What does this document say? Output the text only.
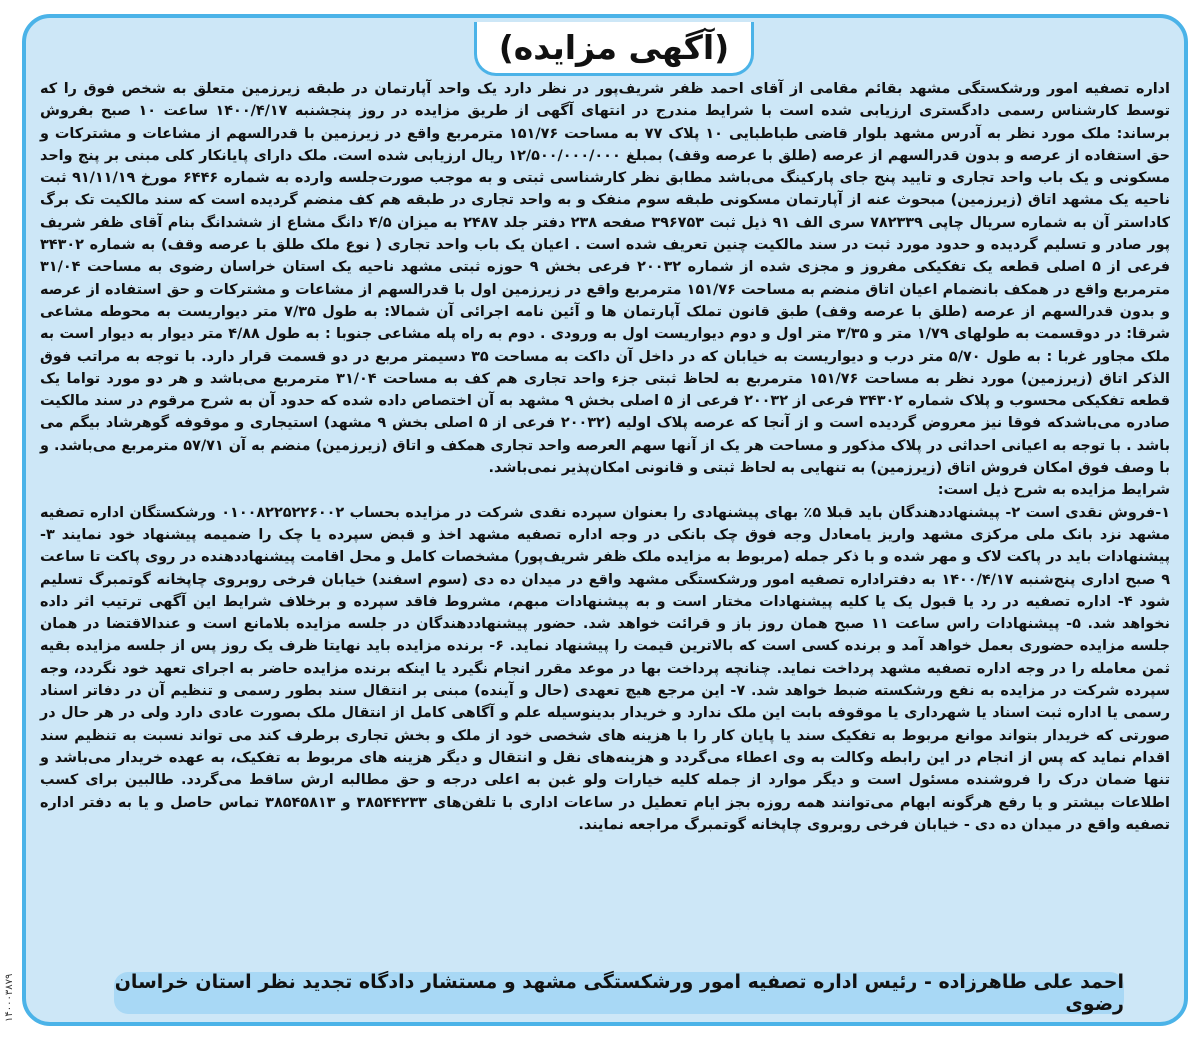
(آگهی مزایده)

اداره تصفیه امور ورشکستگی مشهد بقائم مقامی از آقای احمد ظفر شریف‌پور در نظر دارد یک واحد آپارتمان در طبقه زیرزمین متعلق به شخص فوق را که توسط کارشناس رسمی دادگستری ارزیابی شده است با شرایط مندرج در انتهای آگهی از طریق مزایده در روز پنجشنبه ۱۴۰۰/۴/۱۷ ساعت ۱۰ صبح بفروش برساند: ملک مورد نظر به آدرس مشهد بلوار قاضی طباطبایی ۱۰ پلاک ۷۷ به مساحت ۱۵۱/۷۶ مترمربع واقع در زیرزمین با قدرالسهم از مشاعات و مشترکات و حق استفاده از عرصه و بدون قدرالسهم از عرصه (طلق با عرصه وقف) بمبلغ ۱۲/۵۰۰/۰۰۰/۰۰۰ ریال ارزیابی شده است. ملک دارای پایانکار کلی مبنی بر پنج واحد مسکونی و یک باب واحد تجاری و تایید پنج جای پارکینگ می‌باشد مطابق نظر کارشناسی ثبتی و به موجب صورت‌جلسه وارده به شماره ۶۴۴۶ مورخ ۹۱/۱۱/۱۹ ثبت ناحیه یک مشهد اتاق (زیرزمین) مبحوث عنه از آپارتمان مسکونی طبقه سوم منفک و به واحد تجاری در طبقه هم کف منضم گردیده است که سند مالکیت تک برگ کاداستر آن به شماره سریال چاپی ۷۸۲۳۳۹ سری الف ۹۱ ذیل ثبت ۳۹۶۷۵۳ صفحه ۲۳۸ دفتر جلد ۲۴۸۷ به میزان ۴/۵ دانگ مشاع از ششدانگ بنام آقای ظفر شریف پور صادر و تسلیم گردیده و حدود مورد ثبت در سند مالکیت چنین تعریف شده است . اعیان یک باب واحد تجاری ( نوع ملک طلق با عرصه وقف) به شماره ۳۴۳۰۲ فرعی از ۵ اصلی قطعه یک تفکیکی مفروز و مجزی شده از شماره ۲۰۰۳۲ فرعی بخش ۹ حوزه ثبتی مشهد ناحیه یک استان خراسان رضوی به مساحت ۳۱/۰۴ مترمربع واقع در همکف بانضمام اعیان اتاق منضم به مساحت ۱۵۱/۷۶ مترمربع واقع در زیرزمین اول با قدرالسهم از مشاعات و مشترکات و حق استفاده از عرصه و بدون قدرالسهم از عرصه (طلق با عرصه وقف) طبق قانون تملک آپارتمان ها و آئین نامه اجرائی آن شمالا: به طول ۷/۳۵ متر دیواریست به محوطه مشاعی شرقا: در دوقسمت به طولهای ۱/۷۹ متر و ۳/۳۵ متر اول و دوم دیواریست اول به ورودی . دوم به راه پله مشاعی جنوبا : به طول ۴/۸۸ متر دیوار به دیوار است به ملک مجاور غربا : به طول ۵/۷۰ متر درب و دیواریست به خیابان که در داخل آن داکت به مساحت ۳۵ دسیمتر مربع در دو قسمت قرار دارد. با توجه به مراتب فوق الذکر اتاق (زیرزمین) مورد نظر به مساحت ۱۵۱/۷۶ مترمربع به لحاظ ثبتی جزء واحد تجاری هم کف به مساحت ۳۱/۰۴ مترمربع می‌باشد و هر دو مورد تواما یک قطعه تفکیکی محسوب و پلاک شماره ۳۴۳۰۲ فرعی از ۲۰۰۳۲ فرعی از ۵ اصلی بخش ۹ مشهد به آن اختصاص داده شده که حدود آن به شرح مرقوم در سند مالکیت صادره می‌باشدکه فوقا نیز معروض گردیده است و از آنجا که عرصه پلاک اولیه (۲۰۰۳۲ فرعی از ۵ اصلی بخش ۹ مشهد) استیجاری و موقوفه گوهرشاد بیگم می باشد . با توجه به اعیانی احداثی در پلاک مذکور و مساحت هر یک از آنها سهم العرصه واحد تجاری همکف و اتاق (زیرزمین) منضم به آن ۵۷/۷۱ مترمربع می‌باشد. و با وصف فوق امکان فروش اتاق (زیرزمین) به تنهایی به لحاظ ثبتی و قانونی امکان‌پذیر نمی‌باشد.

شرایط مزایده به شرح ذیل است:

۱-فروش نقدی است ۲- پیشنهاددهندگان باید قبلا ۵٪ بهای پیشنهادی را بعنوان سپرده نقدی شرکت در مزایده بحساب ۰۱۰۰۸۲۲۵۲۲۶۰۰۲ ورشکستگان اداره تصفیه مشهد نزد بانک ملی مرکزی مشهد واریز یامعادل وجه فوق چک بانکی در وجه اداره تصفیه مشهد اخذ و قبض سپرده یا چک را ضمیمه پیشنهاد خود نمایند ۳- پیشنهادات باید در پاکت لاک و مهر شده و با ذکر جمله (مربوط به مزایده ملک ظفر شریف‌پور) مشخصات کامل و محل اقامت پیشنهاددهنده در روی پاکت تا ساعت ۹ صبح اداری پنج‌شنبه ۱۴۰۰/۴/۱۷ به دفتراداره تصفیه امور ورشکستگی مشهد واقع در میدان ده دی (سوم اسفند) خیابان فرخی روبروی چاپخانه گوتمبرگ تسلیم شود ۴- اداره تصفیه در رد یا قبول یک یا کلیه پیشنهادات مختار است و به پیشنهادات مبهم، مشروط فاقد سپرده و برخلاف شرایط این آگهی ترتیب اثر داده نخواهد شد. ۵- پیشنهادات راس ساعت ۱۱ صبح همان روز باز و قرائت خواهد شد. حضور پیشنهاددهندگان در جلسه مزایده بلامانع است و عندالاقتضا در همان جلسه مزایده حضوری بعمل خواهد آمد و برنده کسی است که بالاترین قیمت را پیشنهاد نماید. ۶- برنده مزایده باید نهایتا ظرف یک روز پس از جلسه مزایده بقیه ثمن معامله را در وجه اداره تصفیه مشهد پرداخت نماید. چنانچه پرداخت بها در موعد مقرر انجام نگیرد یا اینکه برنده مزایده حاضر به اجرای تعهد خود نگردد، وجه سپرده شرکت در مزایده به نفع ورشکسته ضبط خواهد شد. ۷- این مرجع هیچ تعهدی (حال و آینده) مبنی بر انتقال سند بطور رسمی و تنظیم آن در دفاتر اسناد رسمی یا اداره ثبت اسناد یا شهرداری یا موقوفه بابت این ملک ندارد و خریدار بدینوسیله علم و آگاهی کامل از انتقال ملک بصورت عادی دارد ولی در هر حال در صورتی که خریدار بتواند موانع مربوط به تفکیک سند یا پایان کار را با هزینه های شخصی خود از ملک و بخش تجاری برطرف کند می تواند نسبت به تنظیم سند اقدام نماید که پس از انجام در این رابطه وکالت به وی اعطاء می‌گردد و هزینه‌های نقل و انتقال و دیگر هزینه های مربوط به تفکیک، به عهده خریدار می‌باشد و تنها ضمان درک را فروشنده مسئول است و دیگر موارد از جمله کلیه خیارات ولو غبن به اعلی درجه و حق مطالبه ارش ساقط می‌گردد. طالبین برای کسب اطلاعات بیشتر و یا رفع هرگونه ابهام می‌توانند همه روزه بجز ایام تعطیل در ساعات اداری با تلفن‌های ۳۸۵۴۴۲۳۳ و ۳۸۵۴۵۸۱۳ تماس حاصل و یا به دفتر اداره تصفیه واقع در میدان ده دی - خیابان فرخی روبروی چاپخانه گوتمبرگ مراجعه نمایند.

احمد علی طاهرزاده - رئیس اداره تصفیه امور ورشکستگی مشهد و مستشار دادگاه تجدید نظر استان خراسان رضوی
۱۴۰۰۰۳۸۷۹
